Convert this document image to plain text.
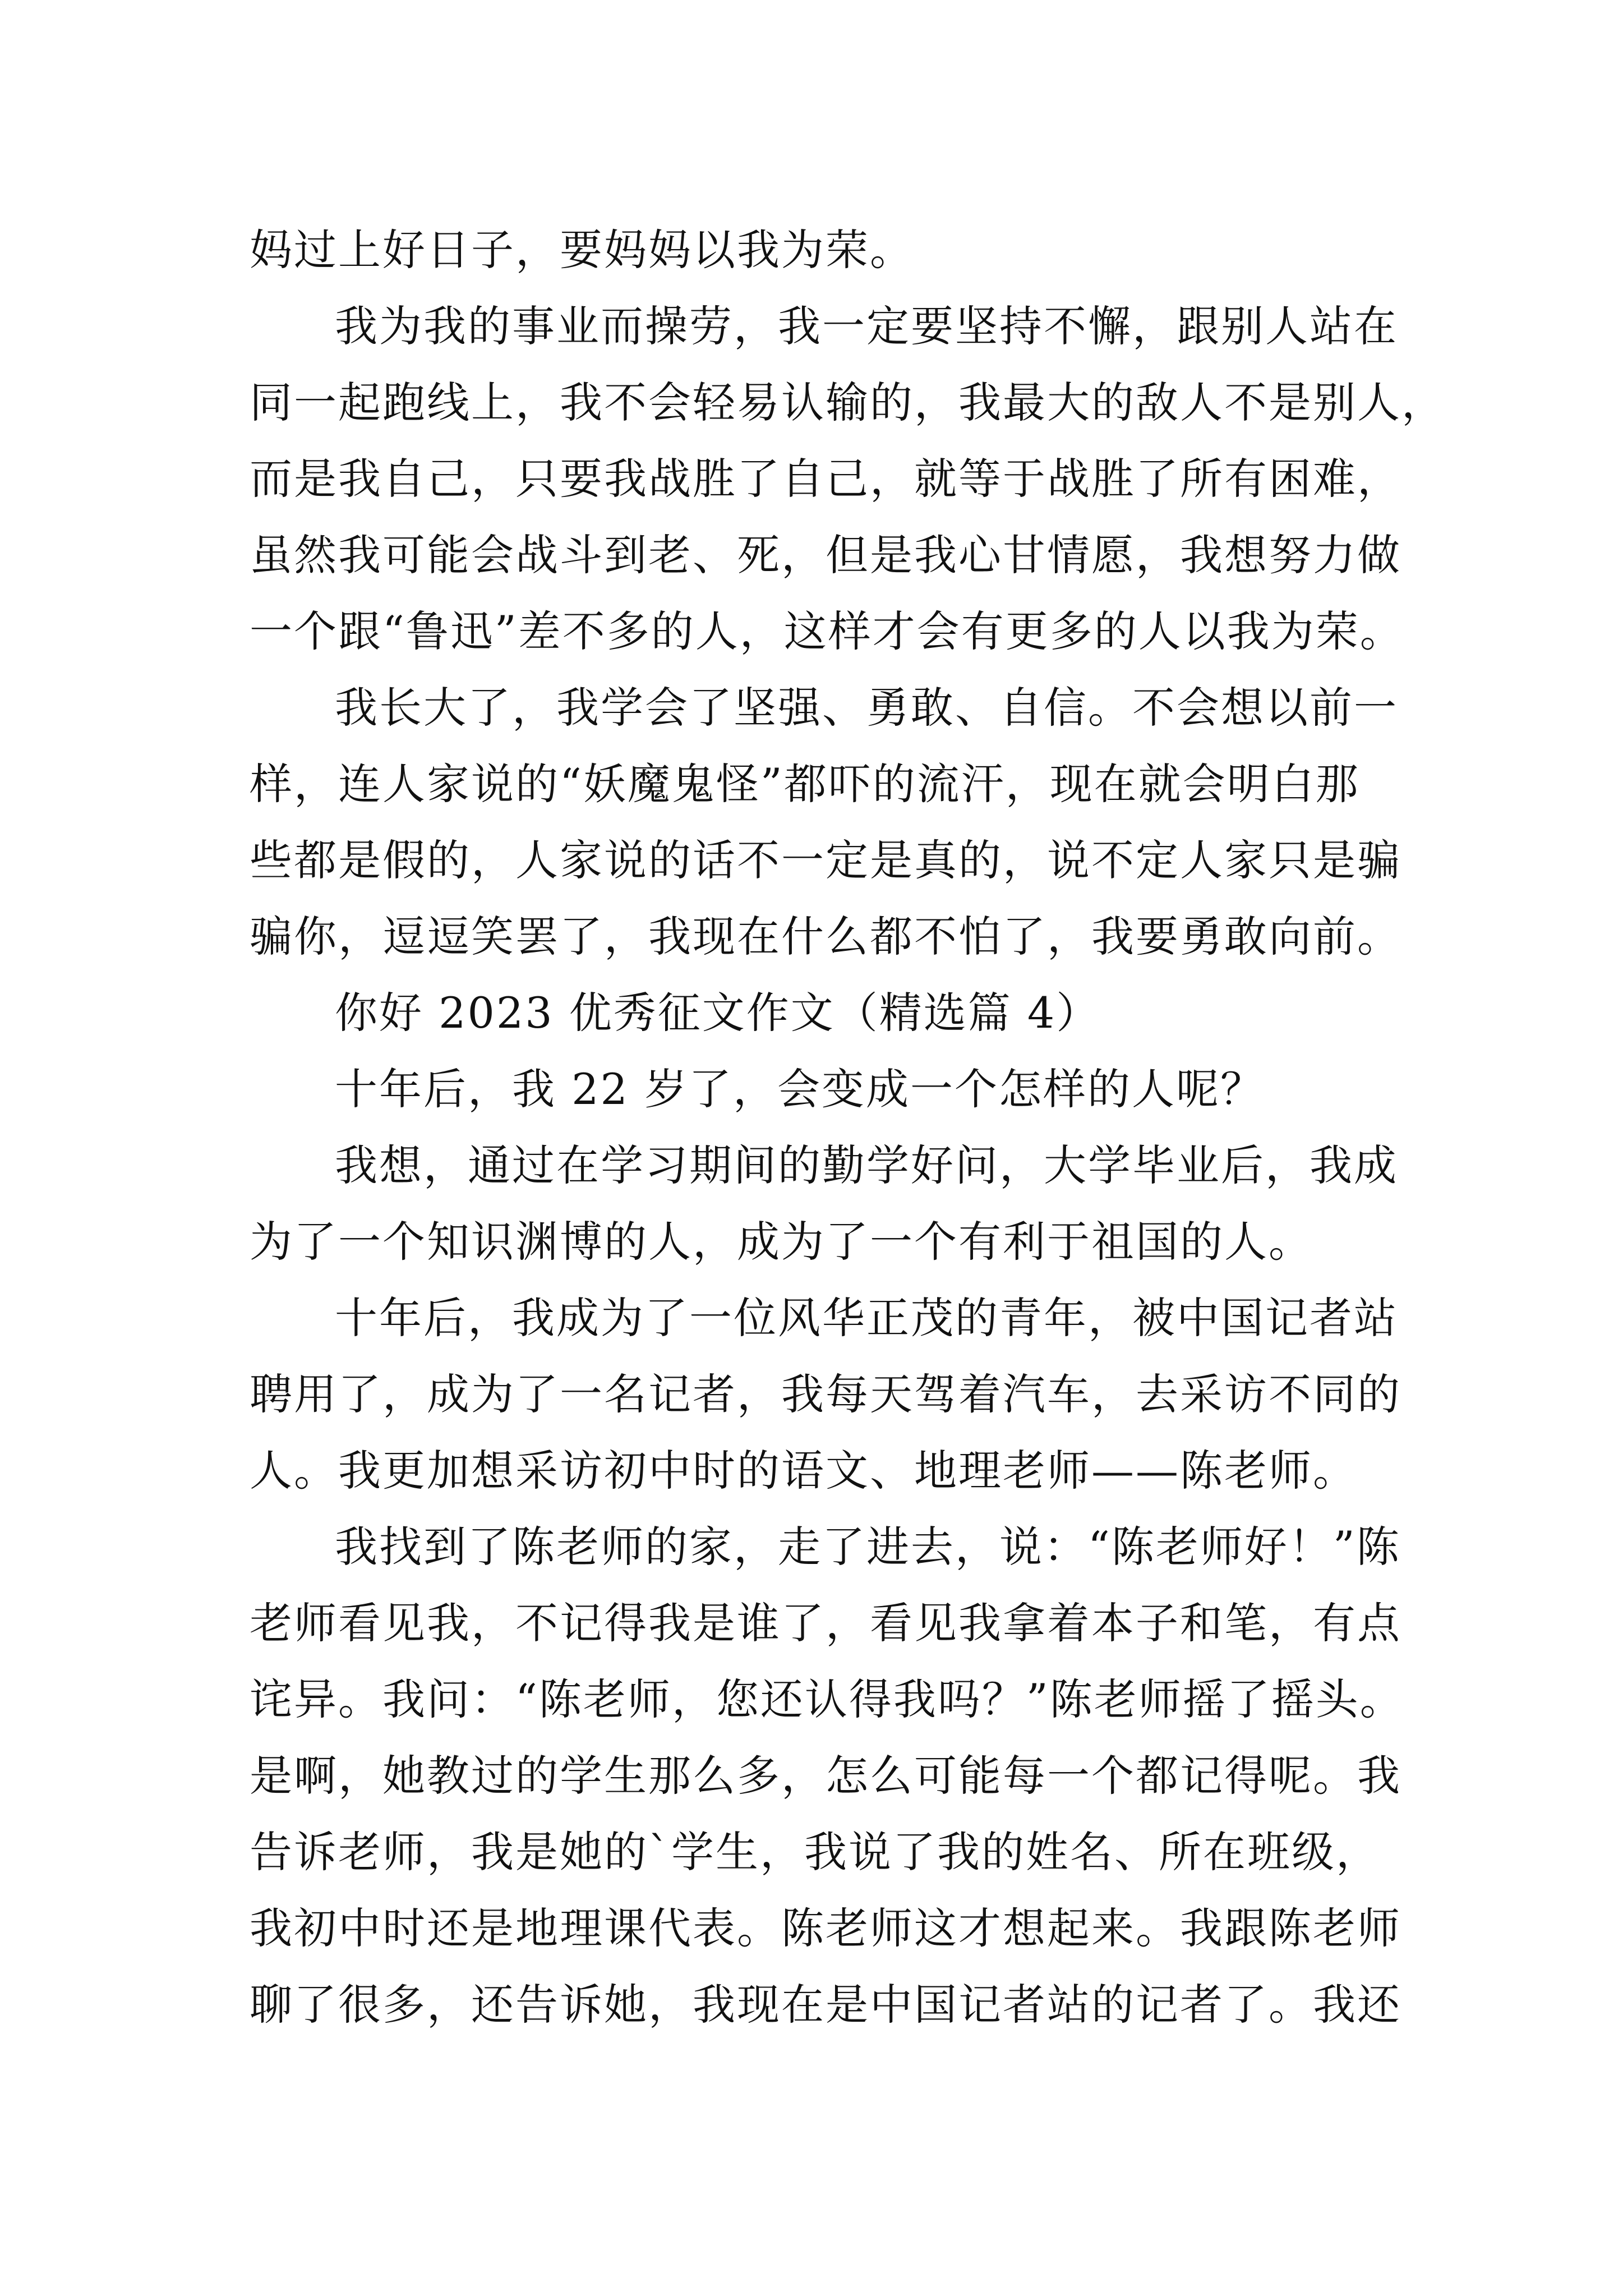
妈过上好日子，要妈妈以我为荣。
我为我的事业而操劳，我一定要坚持不懈，跟别人站在
同一起跑线上，我不会轻易认输的，我最大的敌人不是别人，
而是我自己，只要我战胜了自己，就等于战胜了所有困难，
虽然我可能会战斗到老、死，但是我心甘情愿，我想努力做
一个跟“鲁迅”差不多的人，这样才会有更多的人以我为荣。
我长大了，我学会了坚强、勇敢、自信。不会想以前一
样，连人家说的“妖魔鬼怪”都吓的流汗，现在就会明白那
些都是假的，人家说的话不一定是真的，说不定人家只是骗
骗你，逗逗笑罢了，我现在什么都不怕了，我要勇敢向前。
你好 2023 优秀征文作文（精选篇 4）
十年后，我 22 岁了，会变成一个怎样的人呢？
我想，通过在学习期间的勤学好问，大学毕业后，我成
为了一个知识渊博的人，成为了一个有利于祖国的人。
十年后，我成为了一位风华正茂的青年，被中国记者站
聘用了，成为了一名记者，我每天驾着汽车，去采访不同的
人。我更加想采访初中时的语文、地理老师——陈老师。
我找到了陈老师的家，走了进去，说：“陈老师好！”陈
老师看见我，不记得我是谁了，看见我拿着本子和笔，有点
诧异。我问：“陈老师，您还认得我吗？”陈老师摇了摇头。
是啊，她教过的学生那么多，怎么可能每一个都记得呢。我
告诉老师，我是她的`学生，我说了我的姓名、所在班级，
我初中时还是地理课代表。陈老师这才想起来。我跟陈老师
聊了很多，还告诉她，我现在是中国记者站的记者了。我还
